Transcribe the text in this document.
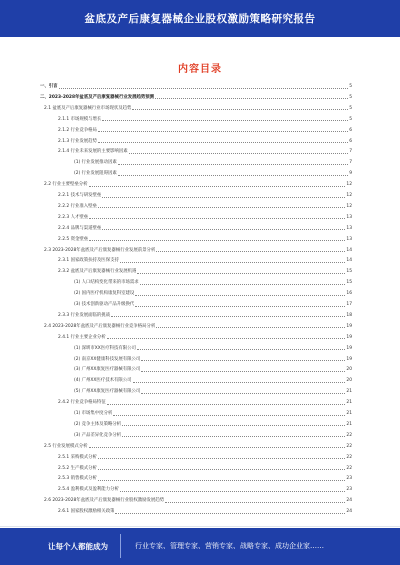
盆底及产后康复器械企业股权激励策略研究报告
内容目录
一、引言	5
二、2023-2028年盆底及产后康复器械行业发展趋势预测	5
2.1 盆底及产后康复器械行业市场现状及趋势	5
2.1.1 市场规模与增长	5
2.1.2 行业竞争格局	6
2.1.3 行业发展趋势	6
2.1.4 行业未来发展的主要影响因素	7
(1) 行业发展推动因素	7
(2) 行业发展阻碍因素	9
2.2 行业主要壁垒分析	12
2.2.1 技术与研发壁垒	12
2.2.2 行业准入壁垒	12
2.2.3 人才壁垒	13
2.2.4 品牌与渠道壁垒	13
2.2.5 资金壁垒	13
2.3 2023-2028年盆底及产后康复器械行业发展前景分析	14
2.3.1 国家政策扶持及医保支持	14
2.3.2 盆底及产后康复器械行业发展机遇	15
(1) 人口结构变化带来的市场需求	15
(2) 国内医疗机构康复科室建设	16
(3) 技术创新驱动产品升级换代	17
2.3.3 行业发展面临的挑战	18
2.4 2023-2028年盆底及产后康复器械行业竞争格局分析	19
2.4.1 行业主要企业分析	19
(1) 深圳市XX医疗科技有限公司	19
(2) 南京XX健康科技发展有限公司	19
(3) 广州XX康复医疗器械有限公司	20
(4) 广州XX医疗技术有限公司	20
(5) 广州XX康复医疗器械有限公司	21
2.4.2 行业竞争格局特征	21
(1) 市场集中度分析	21
(2) 竞争主体及策略分析	21
(3) 产品差异化竞争分析	22
2.5 行业发展模式分析	22
2.5.1 采购模式分析	22
2.5.2 生产模式分析	22
2.5.3 销售模式分析	23
2.5.4 盈利模式及盈利能力分析	23
2.6 2023-2028年盆底及产后康复器械行业股权激励发展趋势	24
2.6.1 国家股权激励相关政策	24
让每个人都能成为	行业专家、管理专家、营销专家、战略专家、成功企业家……
